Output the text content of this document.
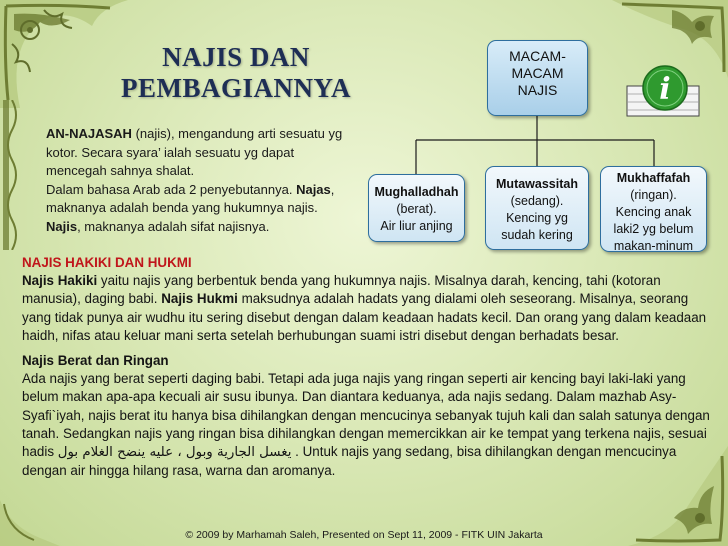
NAJIS DAN
PEMBAGIANNYA

AN-NAJASAH (najis), mengandung arti sesuatu yg kotor. Secara syara’ ialah sesuatu yg dapat mencegah sahnya shalat.

Dalam bahasa Arab ada 2 penyebutannya. Najas, maknanya adalah benda yang hukumnya najis. Najis, maknanya adalah sifat najisnya.

MACAM-
MACAM
NAJIS
Mughalladhah
(berat).
Air liur anjing
Mutawassitah
(sedang).
Kencing yg
sudah kering
Mukhaffafah
(ringan).
Kencing anak
laki2 yg belum
makan-minum
i

NAJIS HAKIKI DAN HUKMI

Najis Hakiki yaitu najis yang berbentuk benda yang hukumnya najis. Misalnya darah, kencing, tahi (kotoran manusia), daging babi. Najis Hukmi maksudnya adalah hadats yang dialami oleh seseorang. Misalnya, seorang yang tidak punya air wudhu itu sering disebut dengan dalam keadaan hadats kecil. Dan orang yang dalam keadaan haidh, nifas atau keluar mani serta setelah berhubungan suami istri disebut dengan berhadats besar.

Najis Berat dan Ringan

Ada najis yang berat seperti daging babi. Tetapi ada juga najis yang ringan seperti air kencing bayi laki-laki yang belum makan apa-apa kecuali air susu ibunya. Dan diantara keduanya, ada najis sedang. Dalam mazhab Asy-Syafi`iyah, najis berat itu hanya bisa dihilangkan dengan mencucinya sebanyak tujuh kali dan salah satunya dengan tanah. Sedangkan najis yang ringan bisa dihilangkan dengan memercikkan air ke tempat yang terkena najis, sesuai hadis يغسل الجارية وبول ، عليه ينضح الغلام بول . Untuk najis yang sedang, bisa dihilangkan dengan mencucinya dengan air hingga hilang rasa, warna dan aromanya.

© 2009 by Marhamah Saleh, Presented on Sept 11, 2009 - FITK UIN Jakarta
